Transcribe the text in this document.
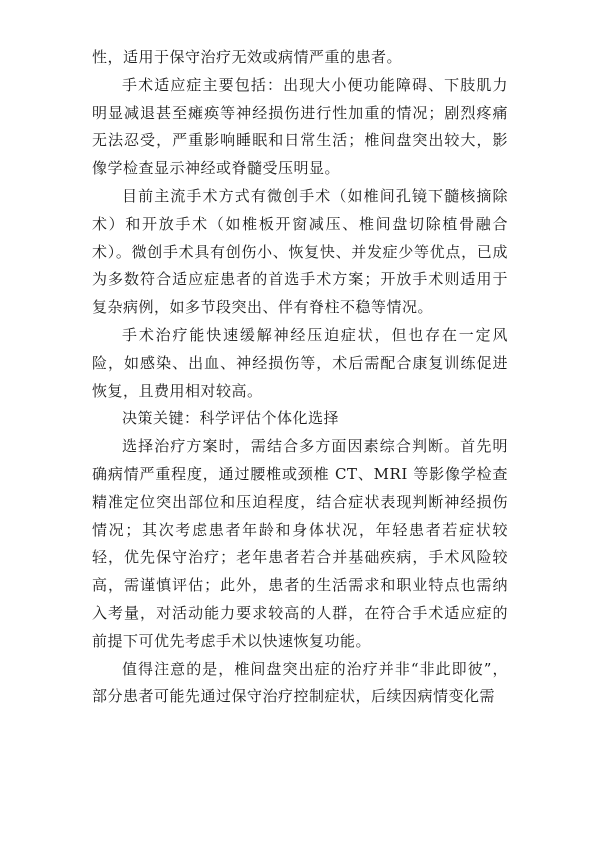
性，适用于保守治疗无效或病情严重的患者。

手术适应症主要包括：出现大小便功能障碍、下肢肌力明显减退甚至瘫痪等神经损伤进行性加重的情况；剧烈疼痛无法忍受，严重影响睡眠和日常生活；椎间盘突出较大，影像学检查显示神经或脊髓受压明显。

目前主流手术方式有微创手术（如椎间孔镜下髓核摘除术）和开放手术（如椎板开窗减压、椎间盘切除植骨融合术）。微创手术具有创伤小、恢复快、并发症少等优点，已成为多数符合适应症患者的首选手术方案；开放手术则适用于复杂病例，如多节段突出、伴有脊柱不稳等情况。

手术治疗能快速缓解神经压迫症状，但也存在一定风险，如感染、出血、神经损伤等，术后需配合康复训练促进恢复，且费用相对较高。

决策关键：科学评估个体化选择

选择治疗方案时，需结合多方面因素综合判断。首先明确病情严重程度，通过腰椎或颈椎 CT、MRI 等影像学检查精准定位突出部位和压迫程度，结合症状表现判断神经损伤情况；其次考虑患者年龄和身体状况，年轻患者若症状较轻，优先保守治疗；老年患者若合并基础疾病，手术风险较高，需谨慎评估；此外，患者的生活需求和职业特点也需纳入考量，对活动能力要求较高的人群，在符合手术适应症的前提下可优先考虑手术以快速恢复功能。

值得注意的是，椎间盘突出症的治疗并非“非此即彼”，部分患者可能先通过保守治疗控制症状，后续因病情变化需
